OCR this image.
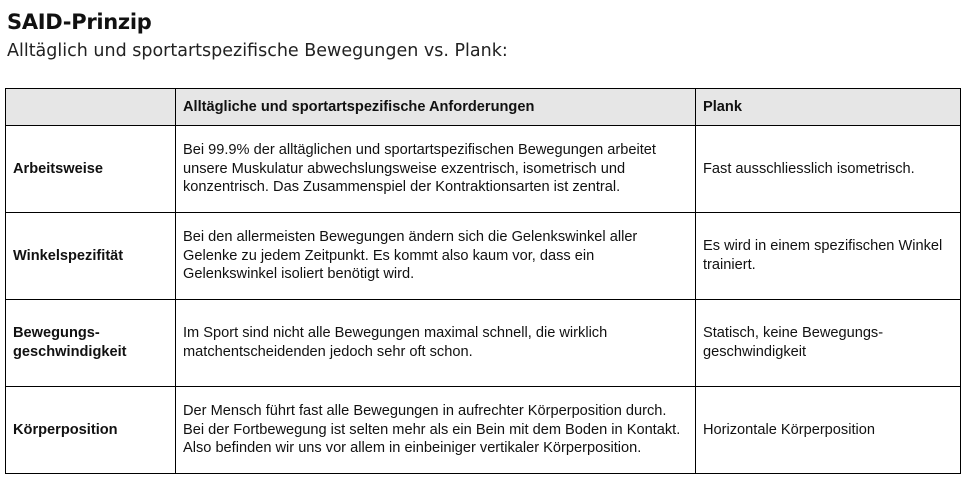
SAID-Prinzip
Alltäglich und sportartspezifische Bewegungen vs. Plank:
	Alltägliche und sportartspezifische Anforderungen	Plank
Arbeitsweise	Bei 99.9% der alltäglichen und sportartspezifischen Bewegungen arbeitet unsere Muskulatur abwechslungsweise exzentrisch, isometrisch und konzentrisch. Das Zusammenspiel der Kontraktionsarten ist zentral.	Fast ausschliesslich isometrisch.
Winkelspezifität	Bei den allermeisten Bewegungen ändern sich die Gelenkswinkel aller Gelenke zu jedem Zeitpunkt. Es kommt also kaum vor, dass ein Gelenkswinkel isoliert benötigt wird.	Es wird in einem spezifischen Winkel trainiert.
Bewegungs-geschwindigkeit	Im Sport sind nicht alle Bewegungen maximal schnell, die wirklich matchentscheidenden jedoch sehr oft schon.	Statisch, keine Bewegungs-geschwindigkeit
Körperposition	Der Mensch führt fast alle Bewegungen in aufrechter Körperposition durch. Bei der Fortbewegung ist selten mehr als ein Bein mit dem Boden in Kontakt. Also befinden wir uns vor allem in einbeiniger vertikaler Körperposition.	Horizontale Körperposition
